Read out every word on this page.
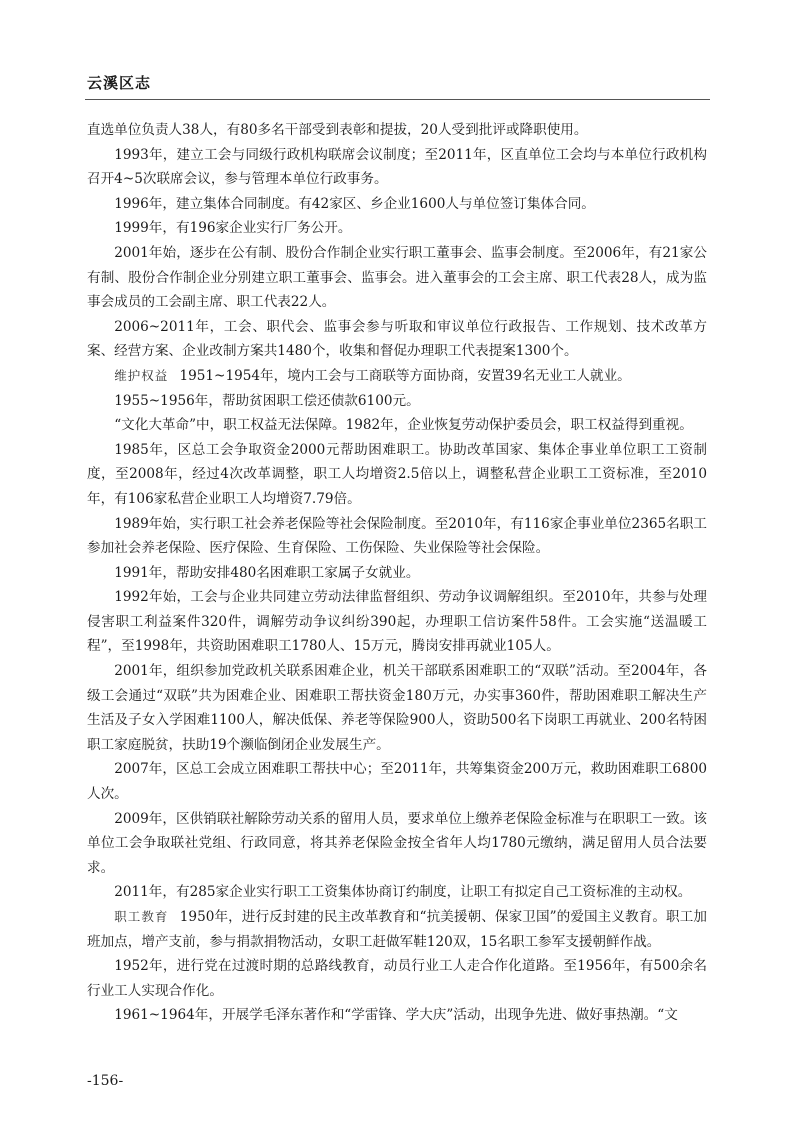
云溪区志

直选单位负责人38人，有80多名干部受到表彰和提拔，20人受到批评或降职使用。

1993年，建立工会与同级行政机构联席会议制度；至2011年，区直单位工会均与本单位行政机构召开4~5次联席会议，参与管理本单位行政事务。

1996年，建立集体合同制度。有42家区、乡企业1600人与单位签订集体合同。

1999年，有196家企业实行厂务公开。

2001年始，逐步在公有制、股份合作制企业实行职工董事会、监事会制度。至2006年，有21家公有制、股份合作制企业分别建立职工董事会、监事会。进入董事会的工会主席、职工代表28人，成为监事会成员的工会副主席、职工代表22人。

2006~2011年，工会、职代会、监事会参与听取和审议单位行政报告、工作规划、技术改革方案、经营方案、企业改制方案共1480个，收集和督促办理职工代表提案1300个。

维护权益 1951~1954年，境内工会与工商联等方面协商，安置39名无业工人就业。

1955~1956年，帮助贫困职工偿还债款6100元。

“文化大革命”中，职工权益无法保障。1982年，企业恢复劳动保护委员会，职工权益得到重视。

1985年，区总工会争取资金2000元帮助困难职工。协助改革国家、集体企事业单位职工工资制度，至2008年，经过4次改革调整，职工人均增资2.5倍以上，调整私营企业职工工资标准，至2010年，有106家私营企业职工人均增资7.79倍。

1989年始，实行职工社会养老保险等社会保险制度。至2010年，有116家企事业单位2365名职工参加社会养老保险、医疗保险、生育保险、工伤保险、失业保险等社会保险。

1991年，帮助安排480名困难职工家属子女就业。

1992年始，工会与企业共同建立劳动法律监督组织、劳动争议调解组织。至2010年，共参与处理侵害职工利益案件320件，调解劳动争议纠纷390起，办理职工信访案件58件。工会实施“送温暖工程”，至1998年，共资助困难职工1780人、15万元，腾岗安排再就业105人。

2001年，组织参加党政机关联系困难企业，机关干部联系困难职工的“双联”活动。至2004年，各级工会通过“双联”共为困难企业、困难职工帮扶资金180万元，办实事360件，帮助困难职工解决生产生活及子女入学困难1100人，解决低保、养老等保险900人，资助500名下岗职工再就业、200名特困职工家庭脱贫，扶助19个濒临倒闭企业发展生产。

2007年，区总工会成立困难职工帮扶中心；至2011年，共筹集资金200万元，救助困难职工6800人次。

2009年，区供销联社解除劳动关系的留用人员，要求单位上缴养老保险金标准与在职职工一致。该单位工会争取联社党组、行政同意，将其养老保险金按全省年人均1780元缴纳，满足留用人员合法要求。

2011年，有285家企业实行职工工资集体协商订约制度，让职工有拟定自己工资标准的主动权。

职工教育 1950年，进行反封建的民主改革教育和“抗美援朝、保家卫国”的爱国主义教育。职工加班加点，增产支前，参与捐款捐物活动，女职工赶做军鞋120双，15名职工参军支援朝鲜作战。

1952年，进行党在过渡时期的总路线教育，动员行业工人走合作化道路。至1956年，有500余名行业工人实现合作化。

1961~1964年，开展学毛泽东著作和“学雷锋、学大庆”活动，出现争先进、做好事热潮。“文

-156-
